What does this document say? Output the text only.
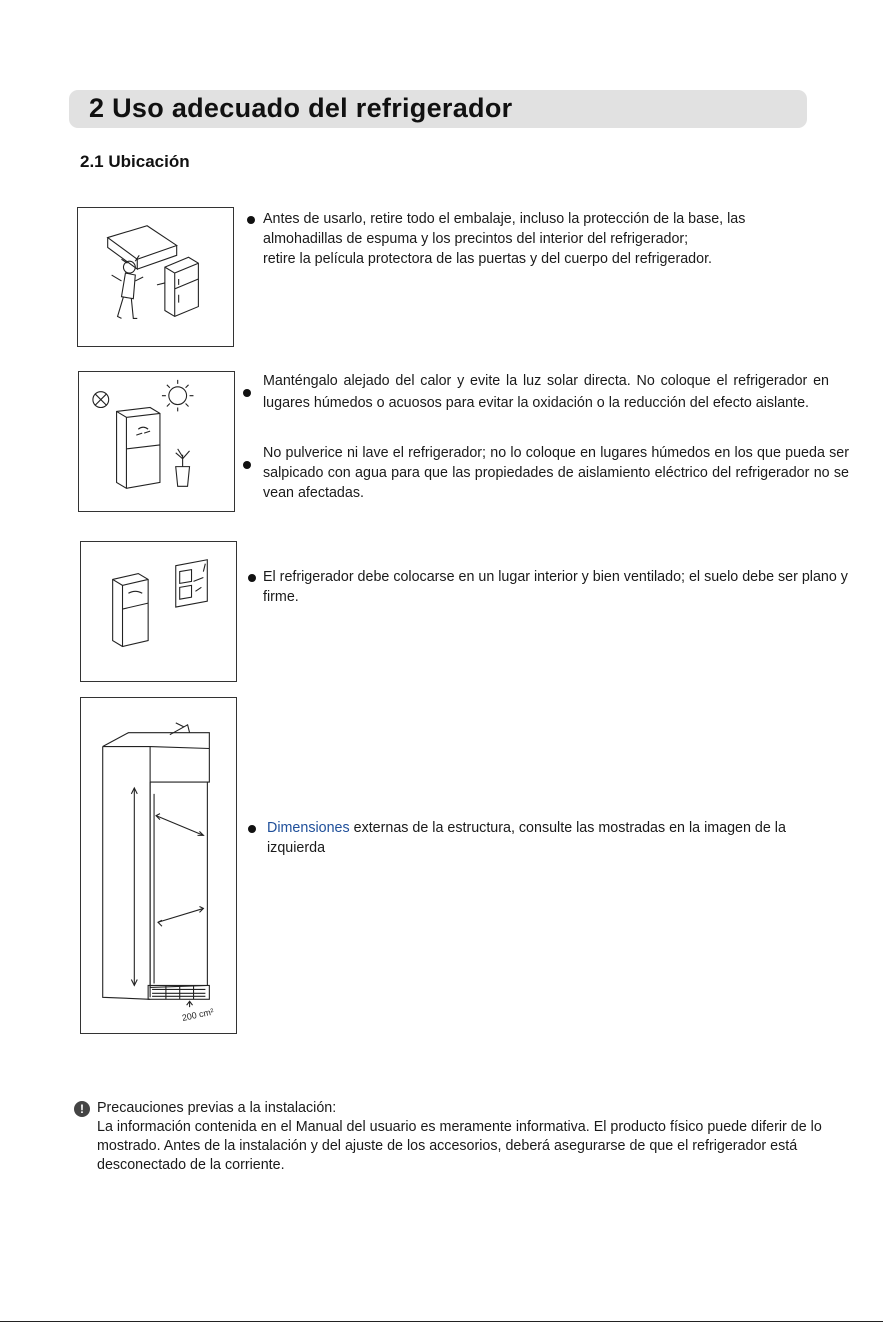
2 Uso adecuado del refrigerador
2.1 Ubicación
Antes de usarlo, retire todo el embalaje, incluso la protección de la base, las
almohadillas de espuma y los precintos del interior del refrigerador;
retire la película protectora de las puertas y del cuerpo del refrigerador.
Manténgalo alejado del calor y evite la luz solar directa. No coloque el refrigerador en lugares húmedos o acuosos para evitar la oxidación o la reducción del efecto aislante.
No pulverice ni lave el refrigerador; no lo coloque en lugares húmedos en los que pueda ser salpicado con agua para que las propiedades de aislamiento eléctrico del refrigerador no se vean afectadas.
El refrigerador debe colocarse en un lugar interior y bien ventilado; el suelo debe ser plano y firme.
200 cm²
Dimensiones externas de la estructura, consulte las mostradas en la imagen de la izquierda
! Precauciones previas a la instalación:
La información contenida en el Manual del usuario es meramente informativa. El producto físico puede diferir de lo mostrado. Antes de la instalación y del ajuste de los accesorios, deberá asegurarse de que el refrigerador está desconectado de la corriente.
